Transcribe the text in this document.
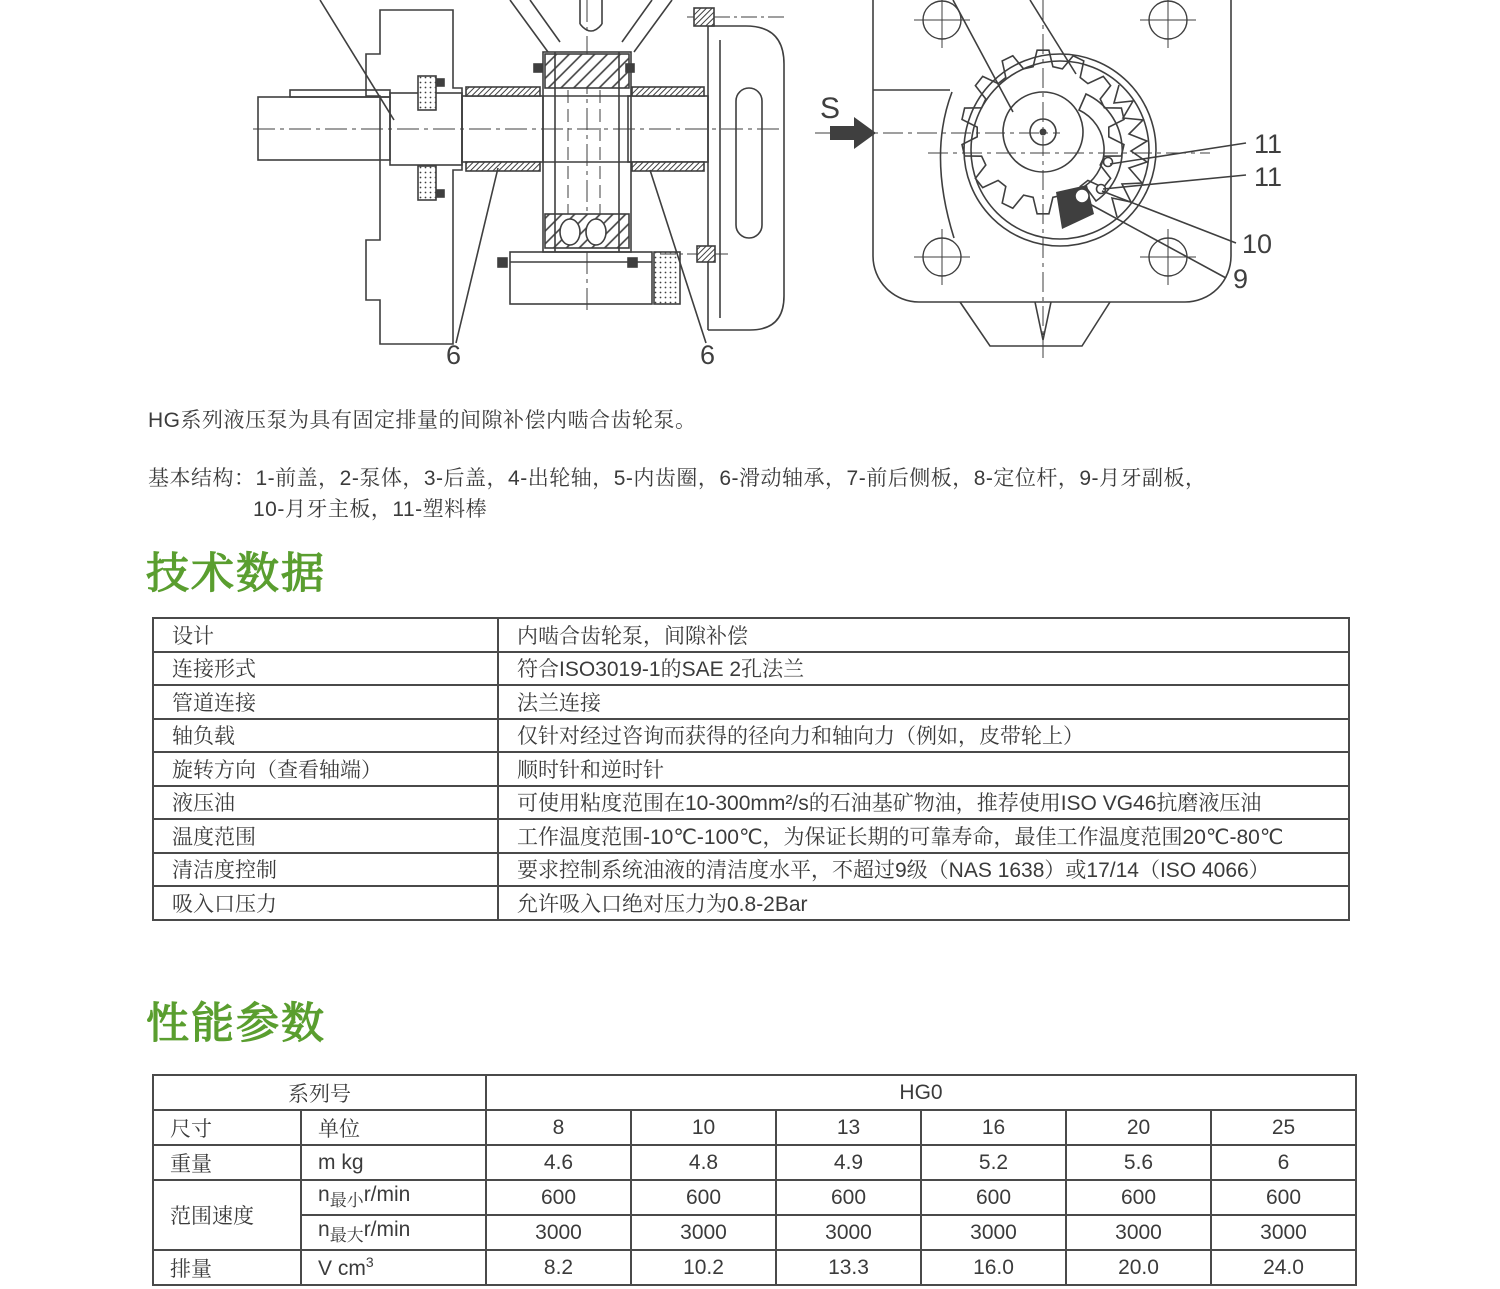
6	6
S
11
11
10
9
HG系列液压泵为具有固定排量的间隙补偿内啮合齿轮泵。
基本结构：1-前盖，2-泵体，3-后盖，4-出轮轴，5-内齿圈，6-滑动轴承，7-前后侧板，8-定位杆，9-月牙副板，
10-月牙主板，11-塑料棒
技术数据
设计	内啮合齿轮泵，间隙补偿
连接形式	符合ISO3019-1的SAE 2孔法兰
管道连接	法兰连接
轴负载	仅针对经过咨询而获得的径向力和轴向力（例如，皮带轮上）
旋转方向（查看轴端）	顺时针和逆时针
液压油	可使用粘度范围在10-300mm²/s的石油基矿物油，推荐使用ISO VG46抗磨液压油
温度范围	工作温度范围-10℃-100℃，为保证长期的可靠寿命，最佳工作温度范围20℃-80℃
清洁度控制	要求控制系统油液的清洁度水平，不超过9级（NAS 1638）或17/14（ISO 4066）
吸入口压力	允许吸入口绝对压力为0.8-2Bar
性能参数
系列号		HG0					
尺寸	单位	8	10	13	16	20	25
重量	m kg	4.6	4.8	4.9	5.2	5.6	6
范围速度	$n_{最小}r/\min$	600	600	600	600	600	600
	$n_{最大}r/\min$	3000	3000	3000	3000	3000	3000
排量	V $cm^3$	8.2	10.2	13.3	16.0	20.0	24.0
